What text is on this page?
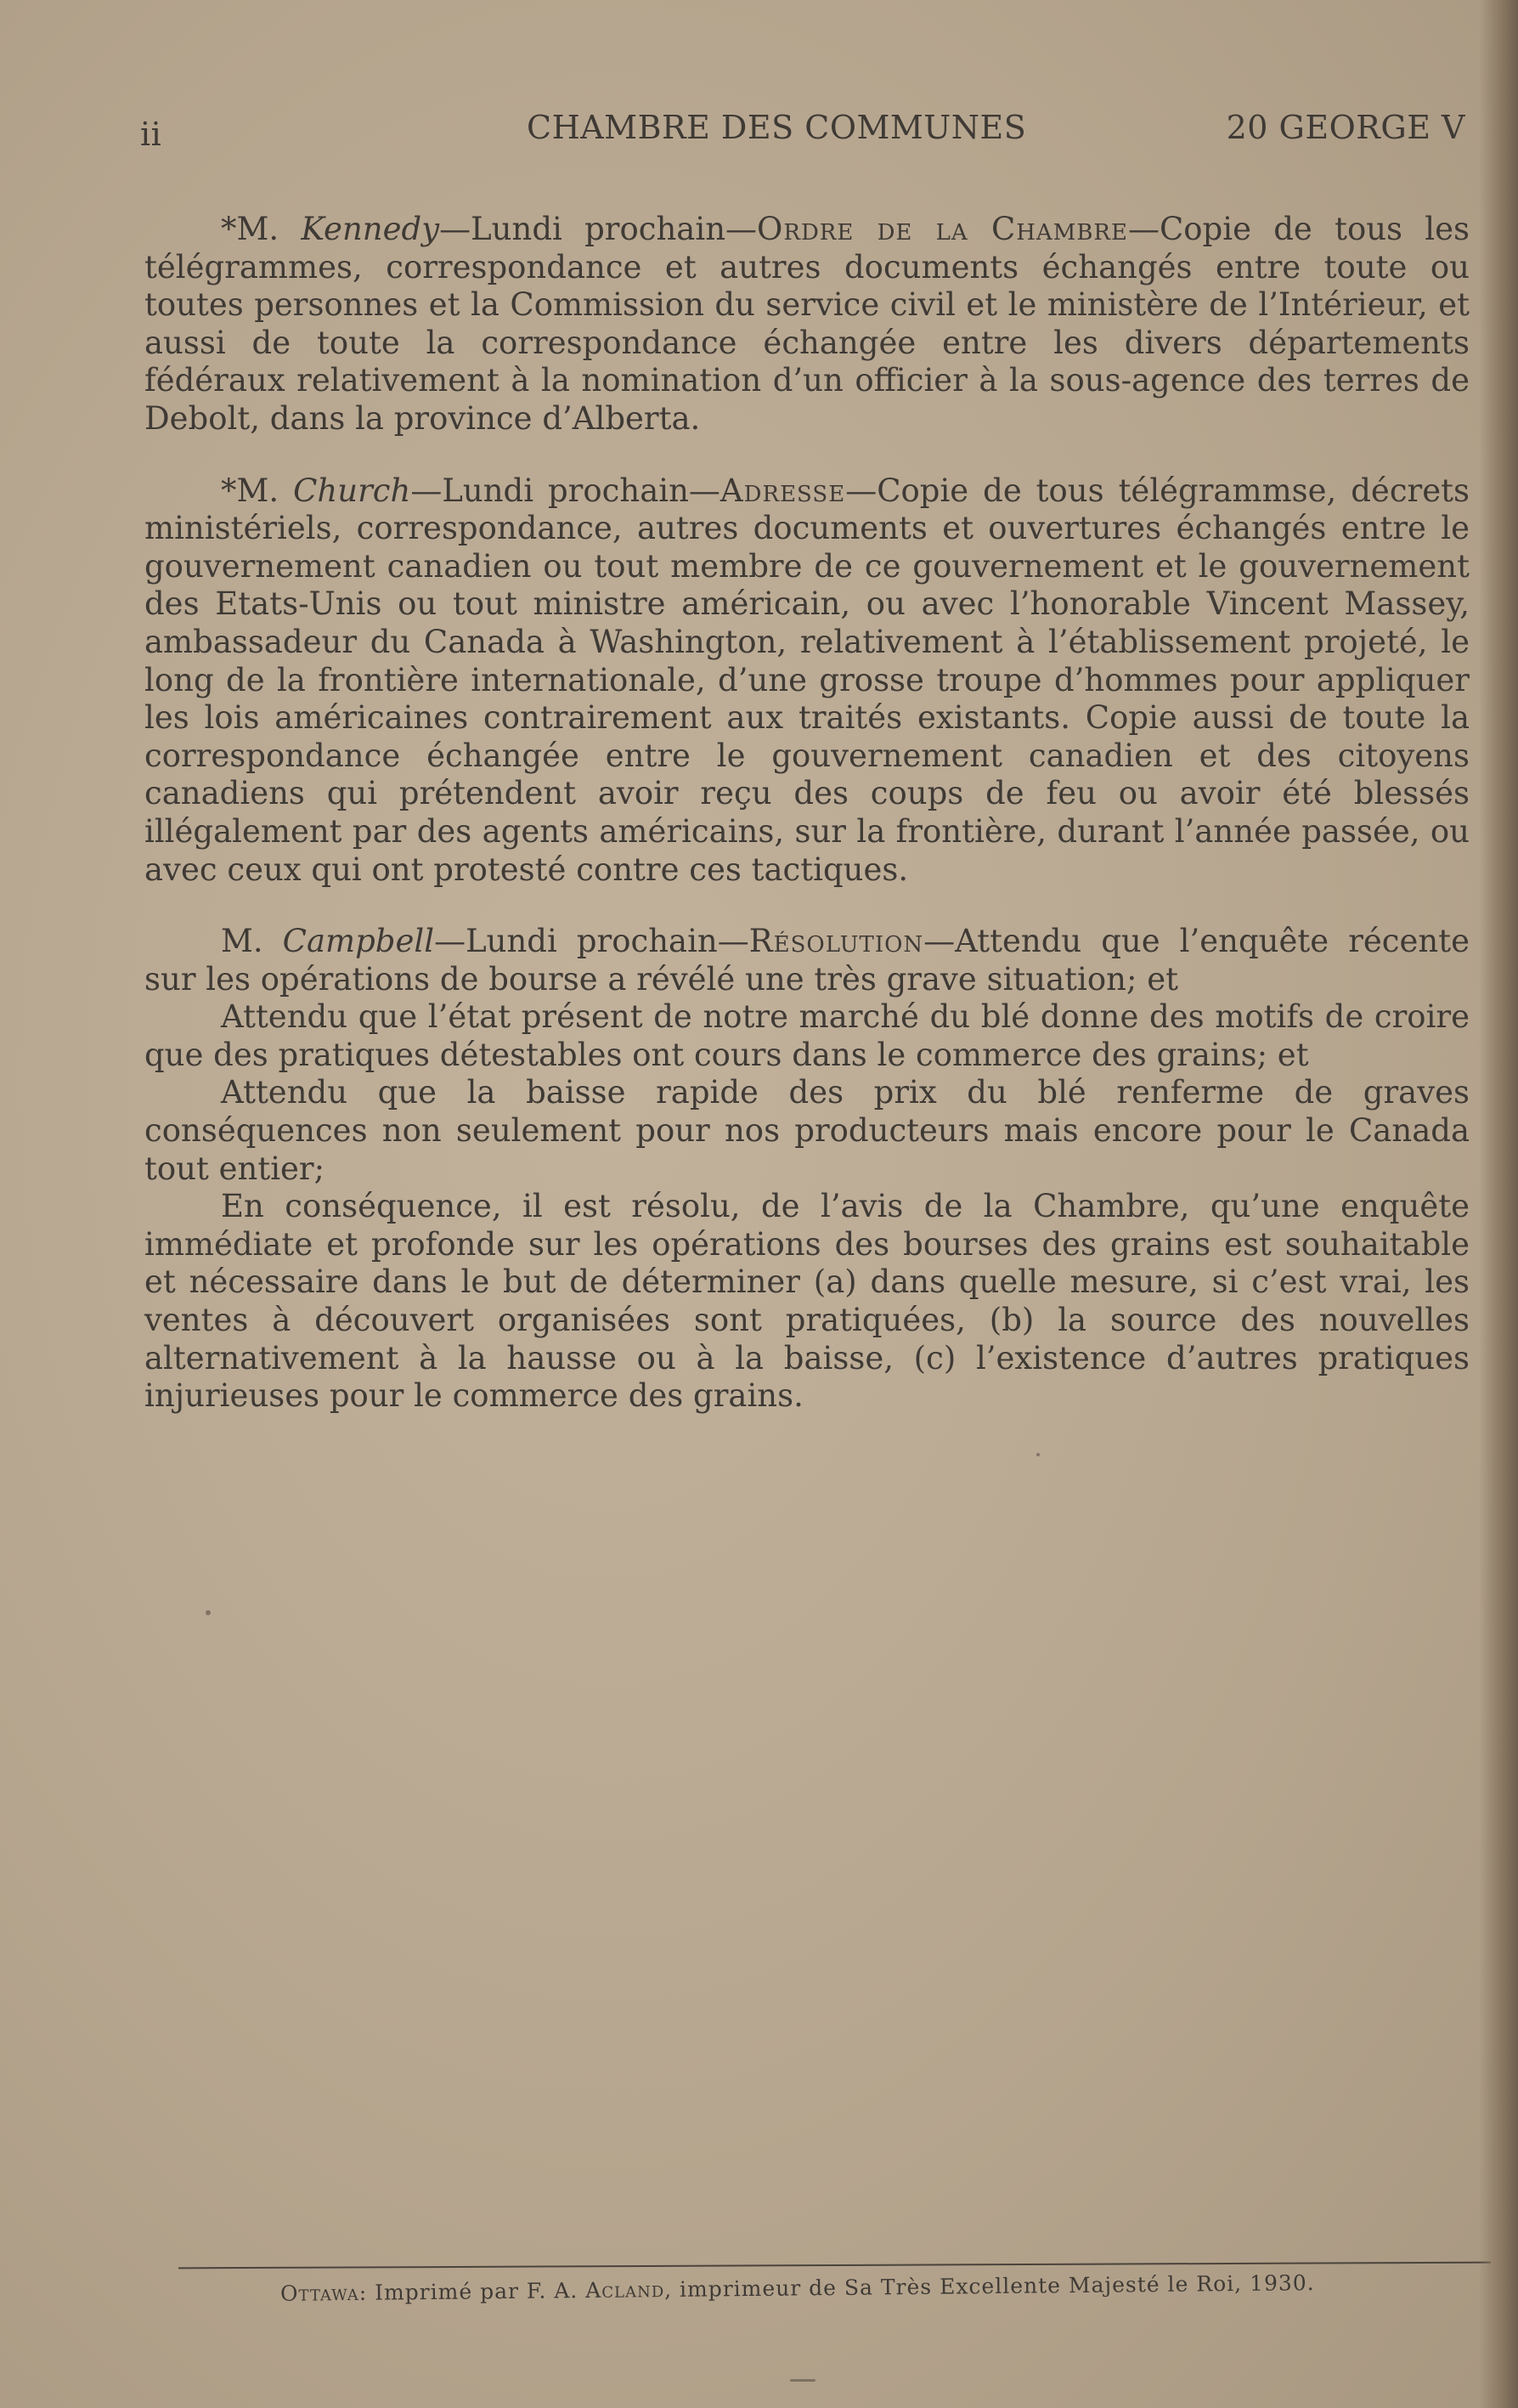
ii	CHAMBRE DES COMMUNES	20 GEORGE V

*M. Kennedy—Lundi prochain—Ordre de la Chambre—Copie de tous les télégrammes, correspondance et autres documents échangés entre toute ou toutes personnes et la Commission du service civil et le ministère de l’Intérieur, et aussi de toute la correspondance échangée entre les divers départements fédéraux relativement à la nomination d’un officier à la sous-agence des terres de Debolt, dans la province d’Alberta.

*M. Church—Lundi prochain—Adresse—Copie de tous télégrammse, décrets ministériels, correspondance, autres documents et ouvertures échangés entre le gouvernement canadien ou tout membre de ce gouvernement et le gouvernement des Etats-Unis ou tout ministre américain, ou avec l’honorable Vincent Massey, ambassadeur du Canada à Washington, relativement à l’établissement projeté, le long de la frontière internationale, d’une grosse troupe d’hommes pour appliquer les lois américaines contrairement aux traités existants. Copie aussi de toute la correspondance échangée entre le gouvernement canadien et des citoyens canadiens qui prétendent avoir reçu des coups de feu ou avoir été blessés illégalement par des agents américains, sur la frontière, durant l’année passée, ou avec ceux qui ont protesté contre ces tactiques.

M. Campbell—Lundi prochain—Résolution—Attendu que l’enquête récente sur les opérations de bourse a révélé une très grave situation; et

Attendu que l’état présent de notre marché du blé donne des motifs de croire que des pratiques détestables ont cours dans le commerce des grains; et

Attendu que la baisse rapide des prix du blé renferme de graves conséquences non seulement pour nos producteurs mais encore pour le Canada tout entier;

En conséquence, il est résolu, de l’avis de la Chambre, qu’une enquête immédiate et profonde sur les opérations des bourses des grains est souhaitable et nécessaire dans le but de déterminer (a) dans quelle mesure, si c’est vrai, les ventes à découvert organisées sont pratiquées, (b) la source des nouvelles alternativement à la hausse ou à la baisse, (c) l’existence d’autres pratiques injurieuses pour le commerce des grains.

Ottawa: Imprimé par F. A. Acland, imprimeur de Sa Très Excellente Majesté le Roi, 1930.
